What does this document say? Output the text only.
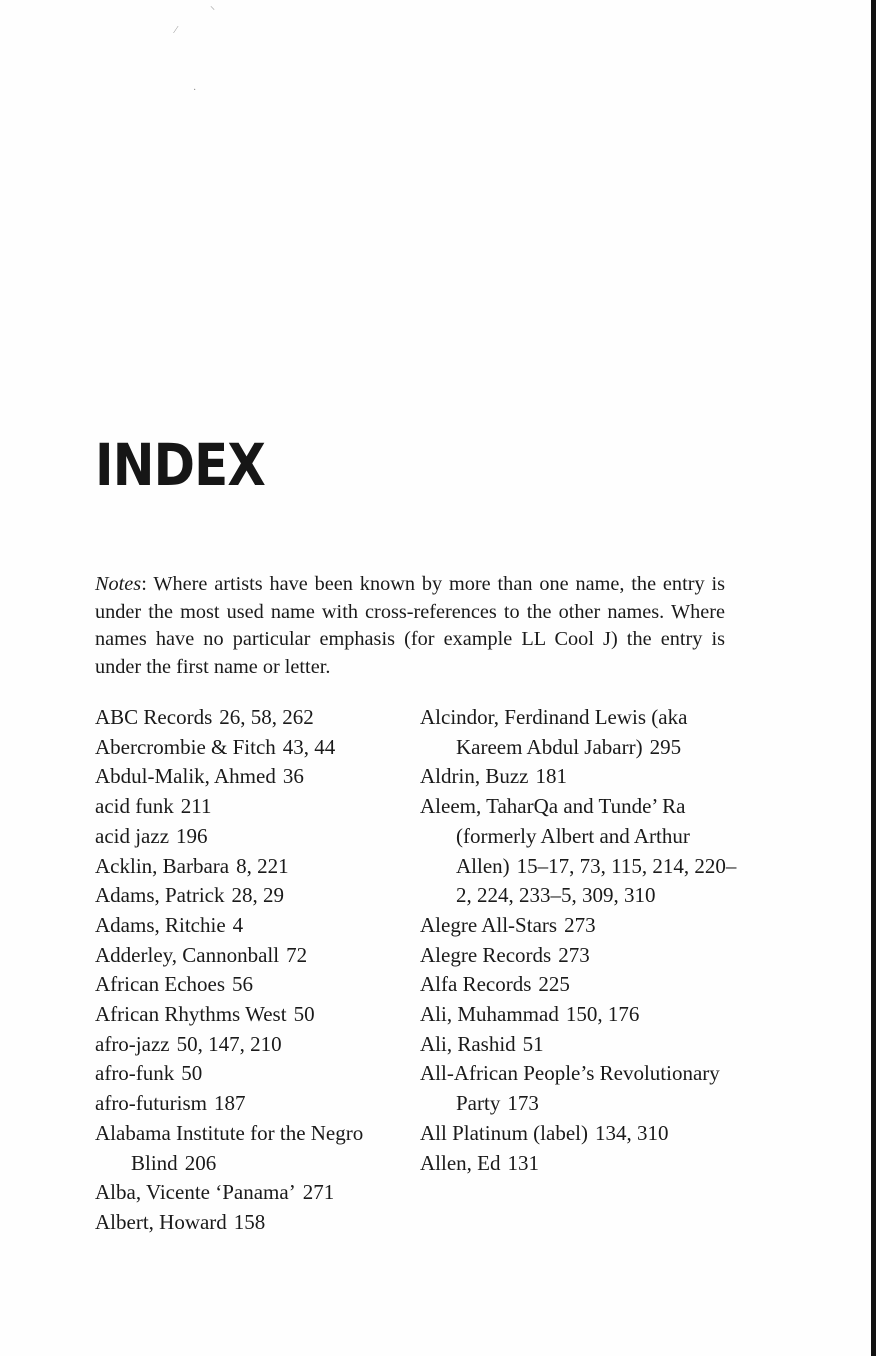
⸜
⁄
·
INDEX

Notes: Where artists have been known by more than one name, the entry is under the most used name with cross-references to the other names. Where names have no particular emphasis (for example LL Cool J) the entry is under the first name or letter.

ABC Records 26, 58, 262
Abercrombie & Fitch 43, 44
Abdul-Malik, Ahmed 36
acid funk 211
acid jazz 196
Acklin, Barbara 8, 221
Adams, Patrick 28, 29
Adams, Ritchie 4
Adderley, Cannonball 72
African Echoes 56
African Rhythms West 50
afro-jazz 50, 147, 210
afro-funk 50
afro-futurism 187
Alabama Institute for the Negro Blind 206
Alba, Vicente ‘Panama’ 271
Albert, Howard 158
Alcindor, Ferdinand Lewis (aka Kareem Abdul Jabarr) 295
Aldrin, Buzz 181
Aleem, TaharQa and Tunde’ Ra (formerly Albert and Arthur Allen) 15–17, 73, 115, 214, 220–2, 224, 233–5, 309, 310
Alegre All-Stars 273
Alegre Records 273
Alfa Records 225
Ali, Muhammad 150, 176
Ali, Rashid 51
All-African People’s Revolutionary Party 173
All Platinum (label) 134, 310
Allen, Ed 131
